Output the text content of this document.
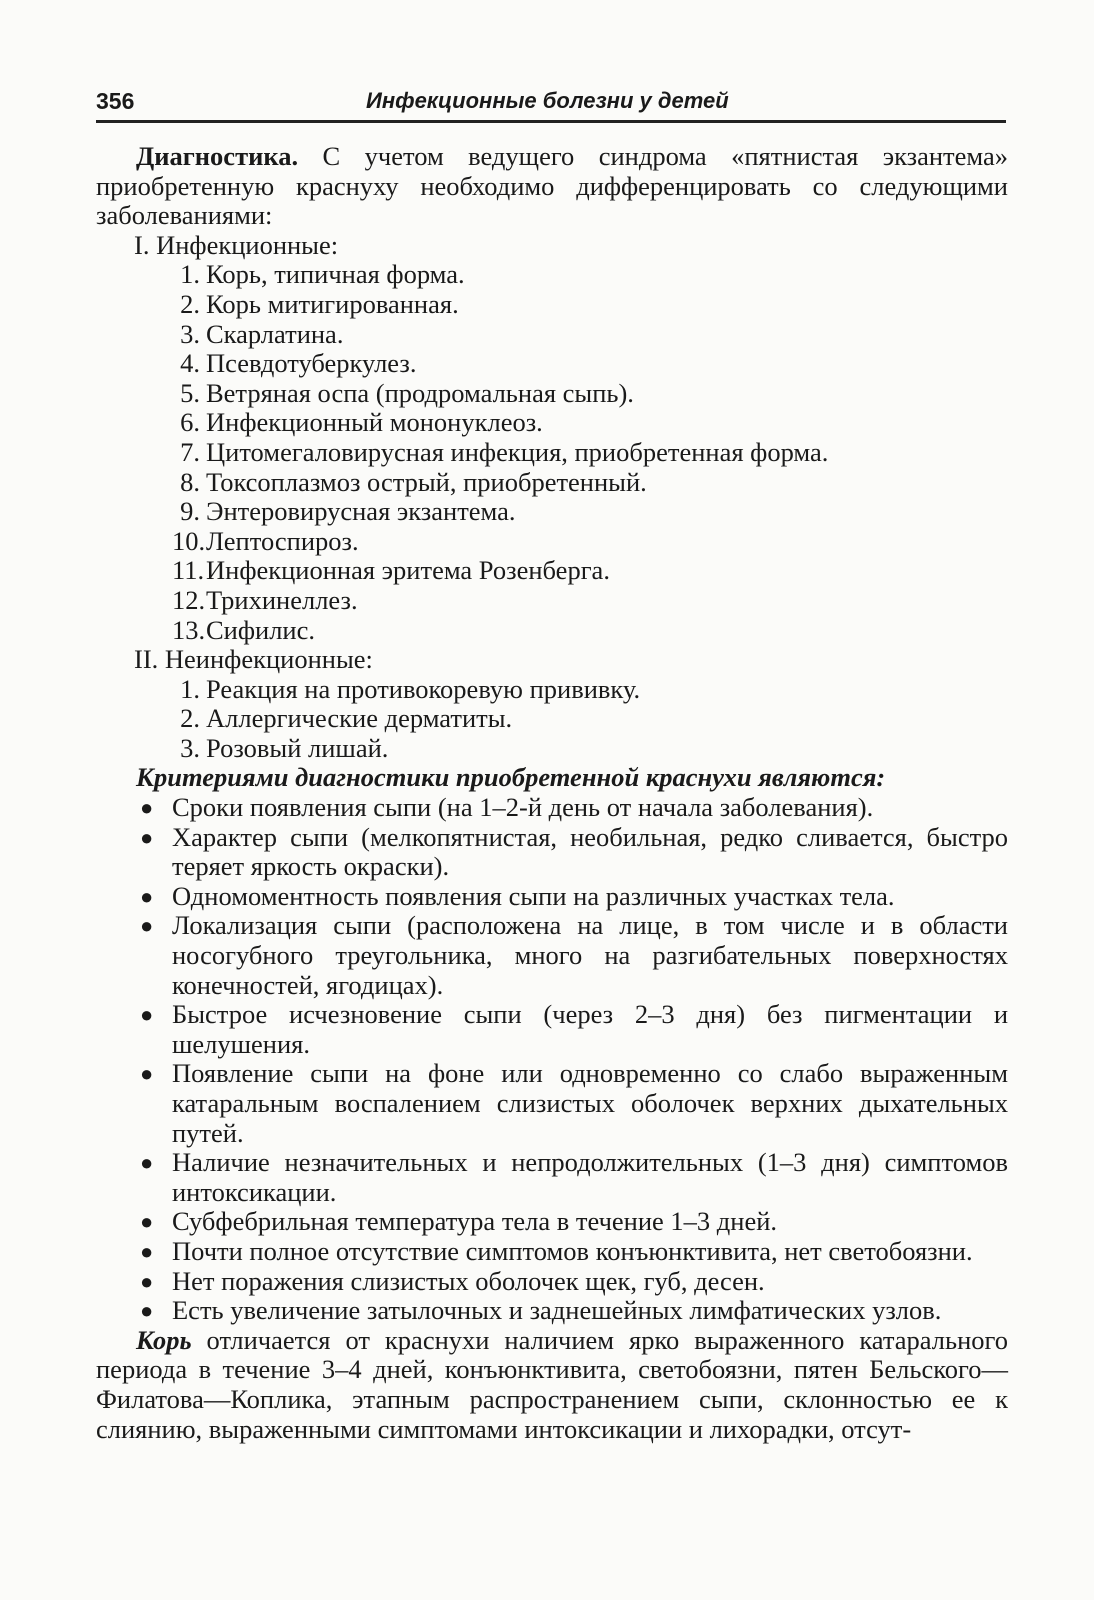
356	Инфекционные болезни у детей
Диагностика. С учетом ведущего синдрома «пятнистая экзантема» приобретенную краснуху необходимо дифференцировать со следующими заболеваниями:
I. Инфекционные:
1. Корь, типичная форма.
2. Корь митигированная.
3. Скарлатина.
4. Псевдотуберкулез.
5. Ветряная оспа (продромальная сыпь).
6. Инфекционный мононуклеоз.
7. Цитомегаловирусная инфекция, приобретенная форма.
8. Токсоплазмоз острый, приобретенный.
9. Энтеровирусная экзантема.
10.Лептоспироз.
11.Инфекционная эритема Розенберга.
12.Трихинеллез.
13.Сифилис.
II. Неинфекционные:
1. Реакция на противокоревую прививку.
2. Аллергические дерматиты.
3. Розовый лишай.
Критериями диагностики приобретенной краснухи являются:
● Сроки появления сыпи (на 1–2-й день от начала заболевания).
● Характер сыпи (мелкопятнистая, необильная, редко сливается, быстро теряет яркость окраски).
● Одномоментность появления сыпи на различных участках тела.
● Локализация сыпи (расположена на лице, в том числе и в области носогубного треугольника, много на разгибательных поверхностях конечностей, ягодицах).
● Быстрое исчезновение сыпи (через 2–3 дня) без пигментации и шелушения.
● Появление сыпи на фоне или одновременно со слабо выраженным катаральным воспалением слизистых оболочек верхних дыхательных путей.
● Наличие незначительных и непродолжительных (1–3 дня) симптомов интоксикации.
● Субфебрильная температура тела в течение 1–3 дней.
● Почти полное отсутствие симптомов конъюнктивита, нет светобоязни.
● Нет поражения слизистых оболочек щек, губ, десен.
● Есть увеличение затылочных и заднешейных лимфатических узлов.
Корь отличается от краснухи наличием ярко выраженного катарального периода в течение 3–4 дней, конъюнктивита, светобоязни, пятен Бельского—Филатова—Коплика, этапным распространением сыпи, склонностью ее к слиянию, выраженными симптомами интоксикации и лихорадки, отсут-
